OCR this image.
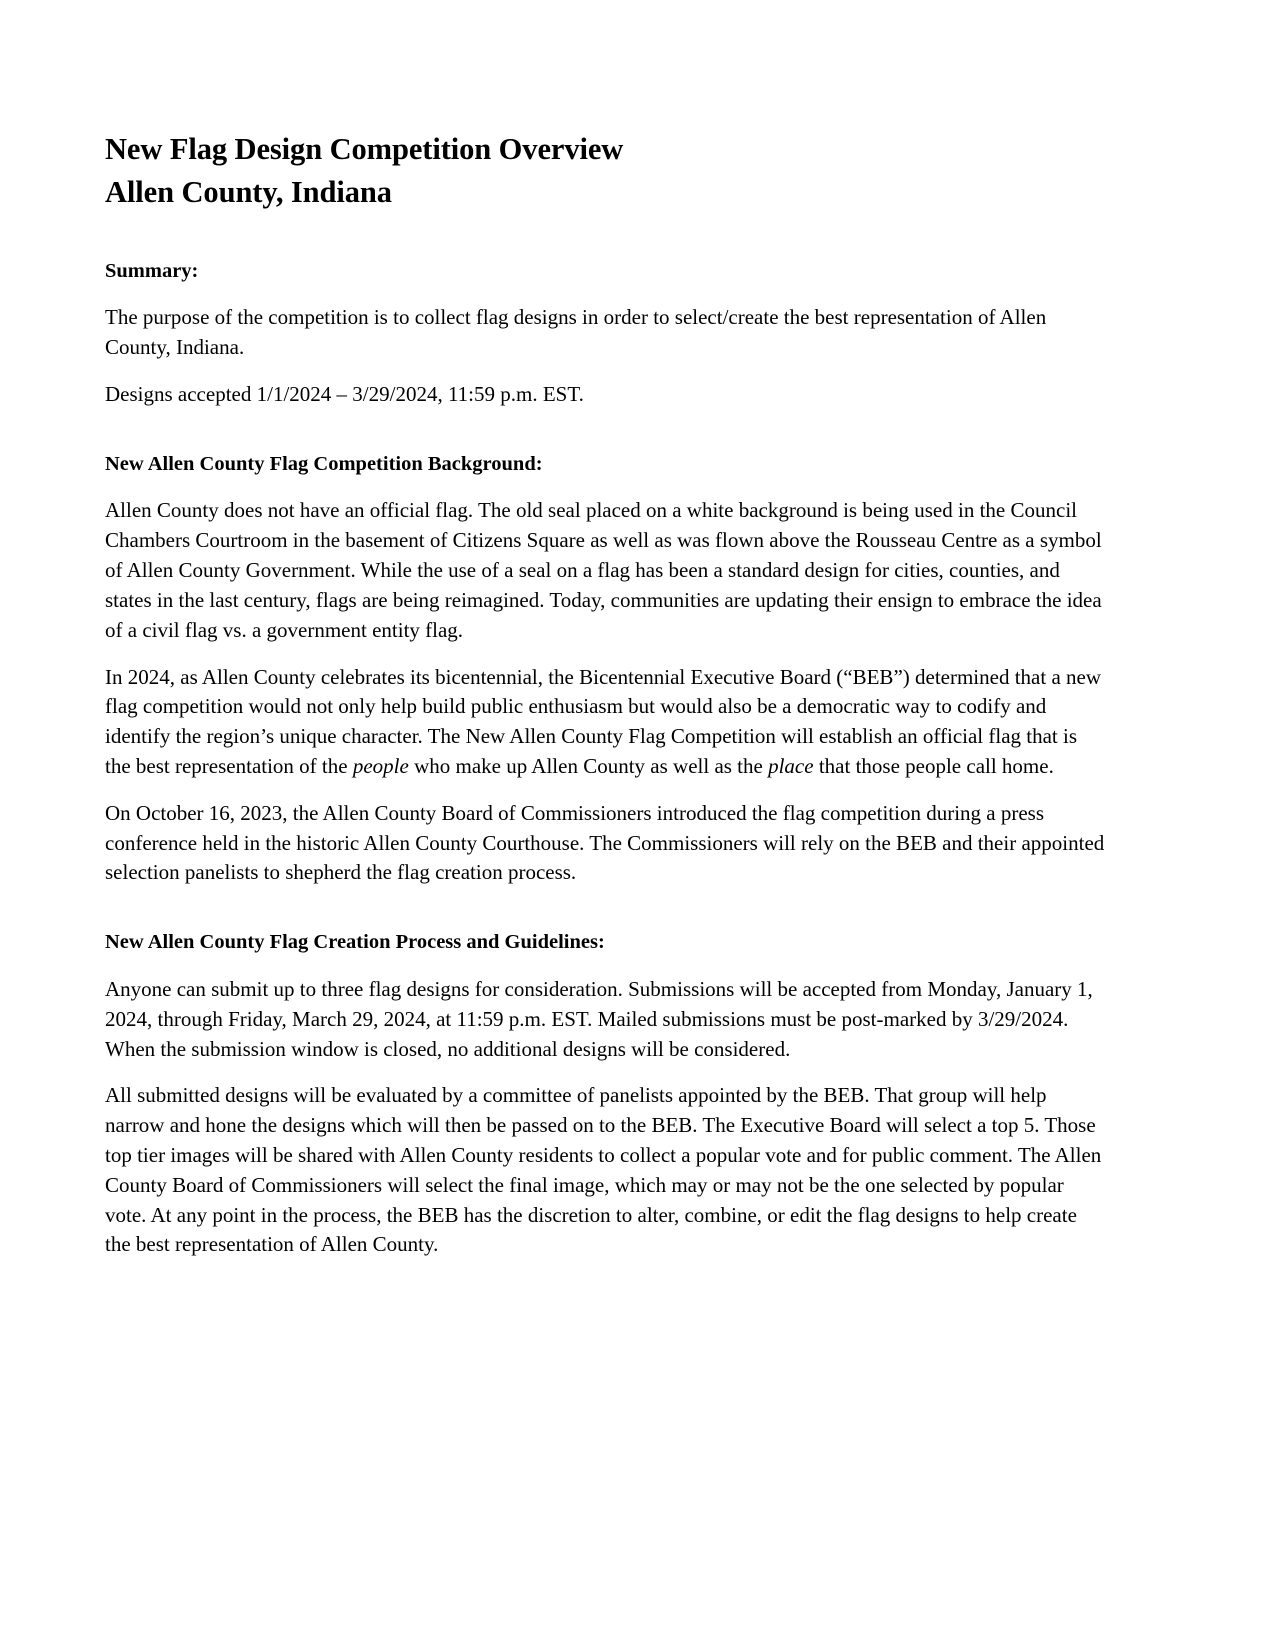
New Flag Design Competition Overview
Allen County, Indiana
Summary:

The purpose of the competition is to collect flag designs in order to select/create the best representation of Allen County, Indiana.

Designs accepted 1/1/2024 – 3/29/2024, 11:59 p.m. EST.

New Allen County Flag Competition Background:

Allen County does not have an official flag. The old seal placed on a white background is being used in the Council Chambers Courtroom in the basement of Citizens Square as well as was flown above the Rousseau Centre as a symbol of Allen County Government. While the use of a seal on a flag has been a standard design for cities, counties, and states in the last century, flags are being reimagined. Today, communities are updating their ensign to embrace the idea of a civil flag vs. a government entity flag.

In 2024, as Allen County celebrates its bicentennial, the Bicentennial Executive Board (“BEB”) determined that a new flag competition would not only help build public enthusiasm but would also be a democratic way to codify and identify the region’s unique character. The New Allen County Flag Competition will establish an official flag that is the best representation of the people who make up Allen County as well as the place that those people call home.

On October 16, 2023, the Allen County Board of Commissioners introduced the flag competition during a press conference held in the historic Allen County Courthouse. The Commissioners will rely on the BEB and their appointed selection panelists to shepherd the flag creation process.

New Allen County Flag Creation Process and Guidelines:

Anyone can submit up to three flag designs for consideration. Submissions will be accepted from Monday, January 1, 2024, through Friday, March 29, 2024, at 11:59 p.m. EST. Mailed submissions must be post-marked by 3/29/2024. When the submission window is closed, no additional designs will be considered.

All submitted designs will be evaluated by a committee of panelists appointed by the BEB. That group will help narrow and hone the designs which will then be passed on to the BEB. The Executive Board will select a top 5. Those top tier images will be shared with Allen County residents to collect a popular vote and for public comment. The Allen County Board of Commissioners will select the final image, which may or may not be the one selected by popular vote. At any point in the process, the BEB has the discretion to alter, combine, or edit the flag designs to help create the best representation of Allen County.
